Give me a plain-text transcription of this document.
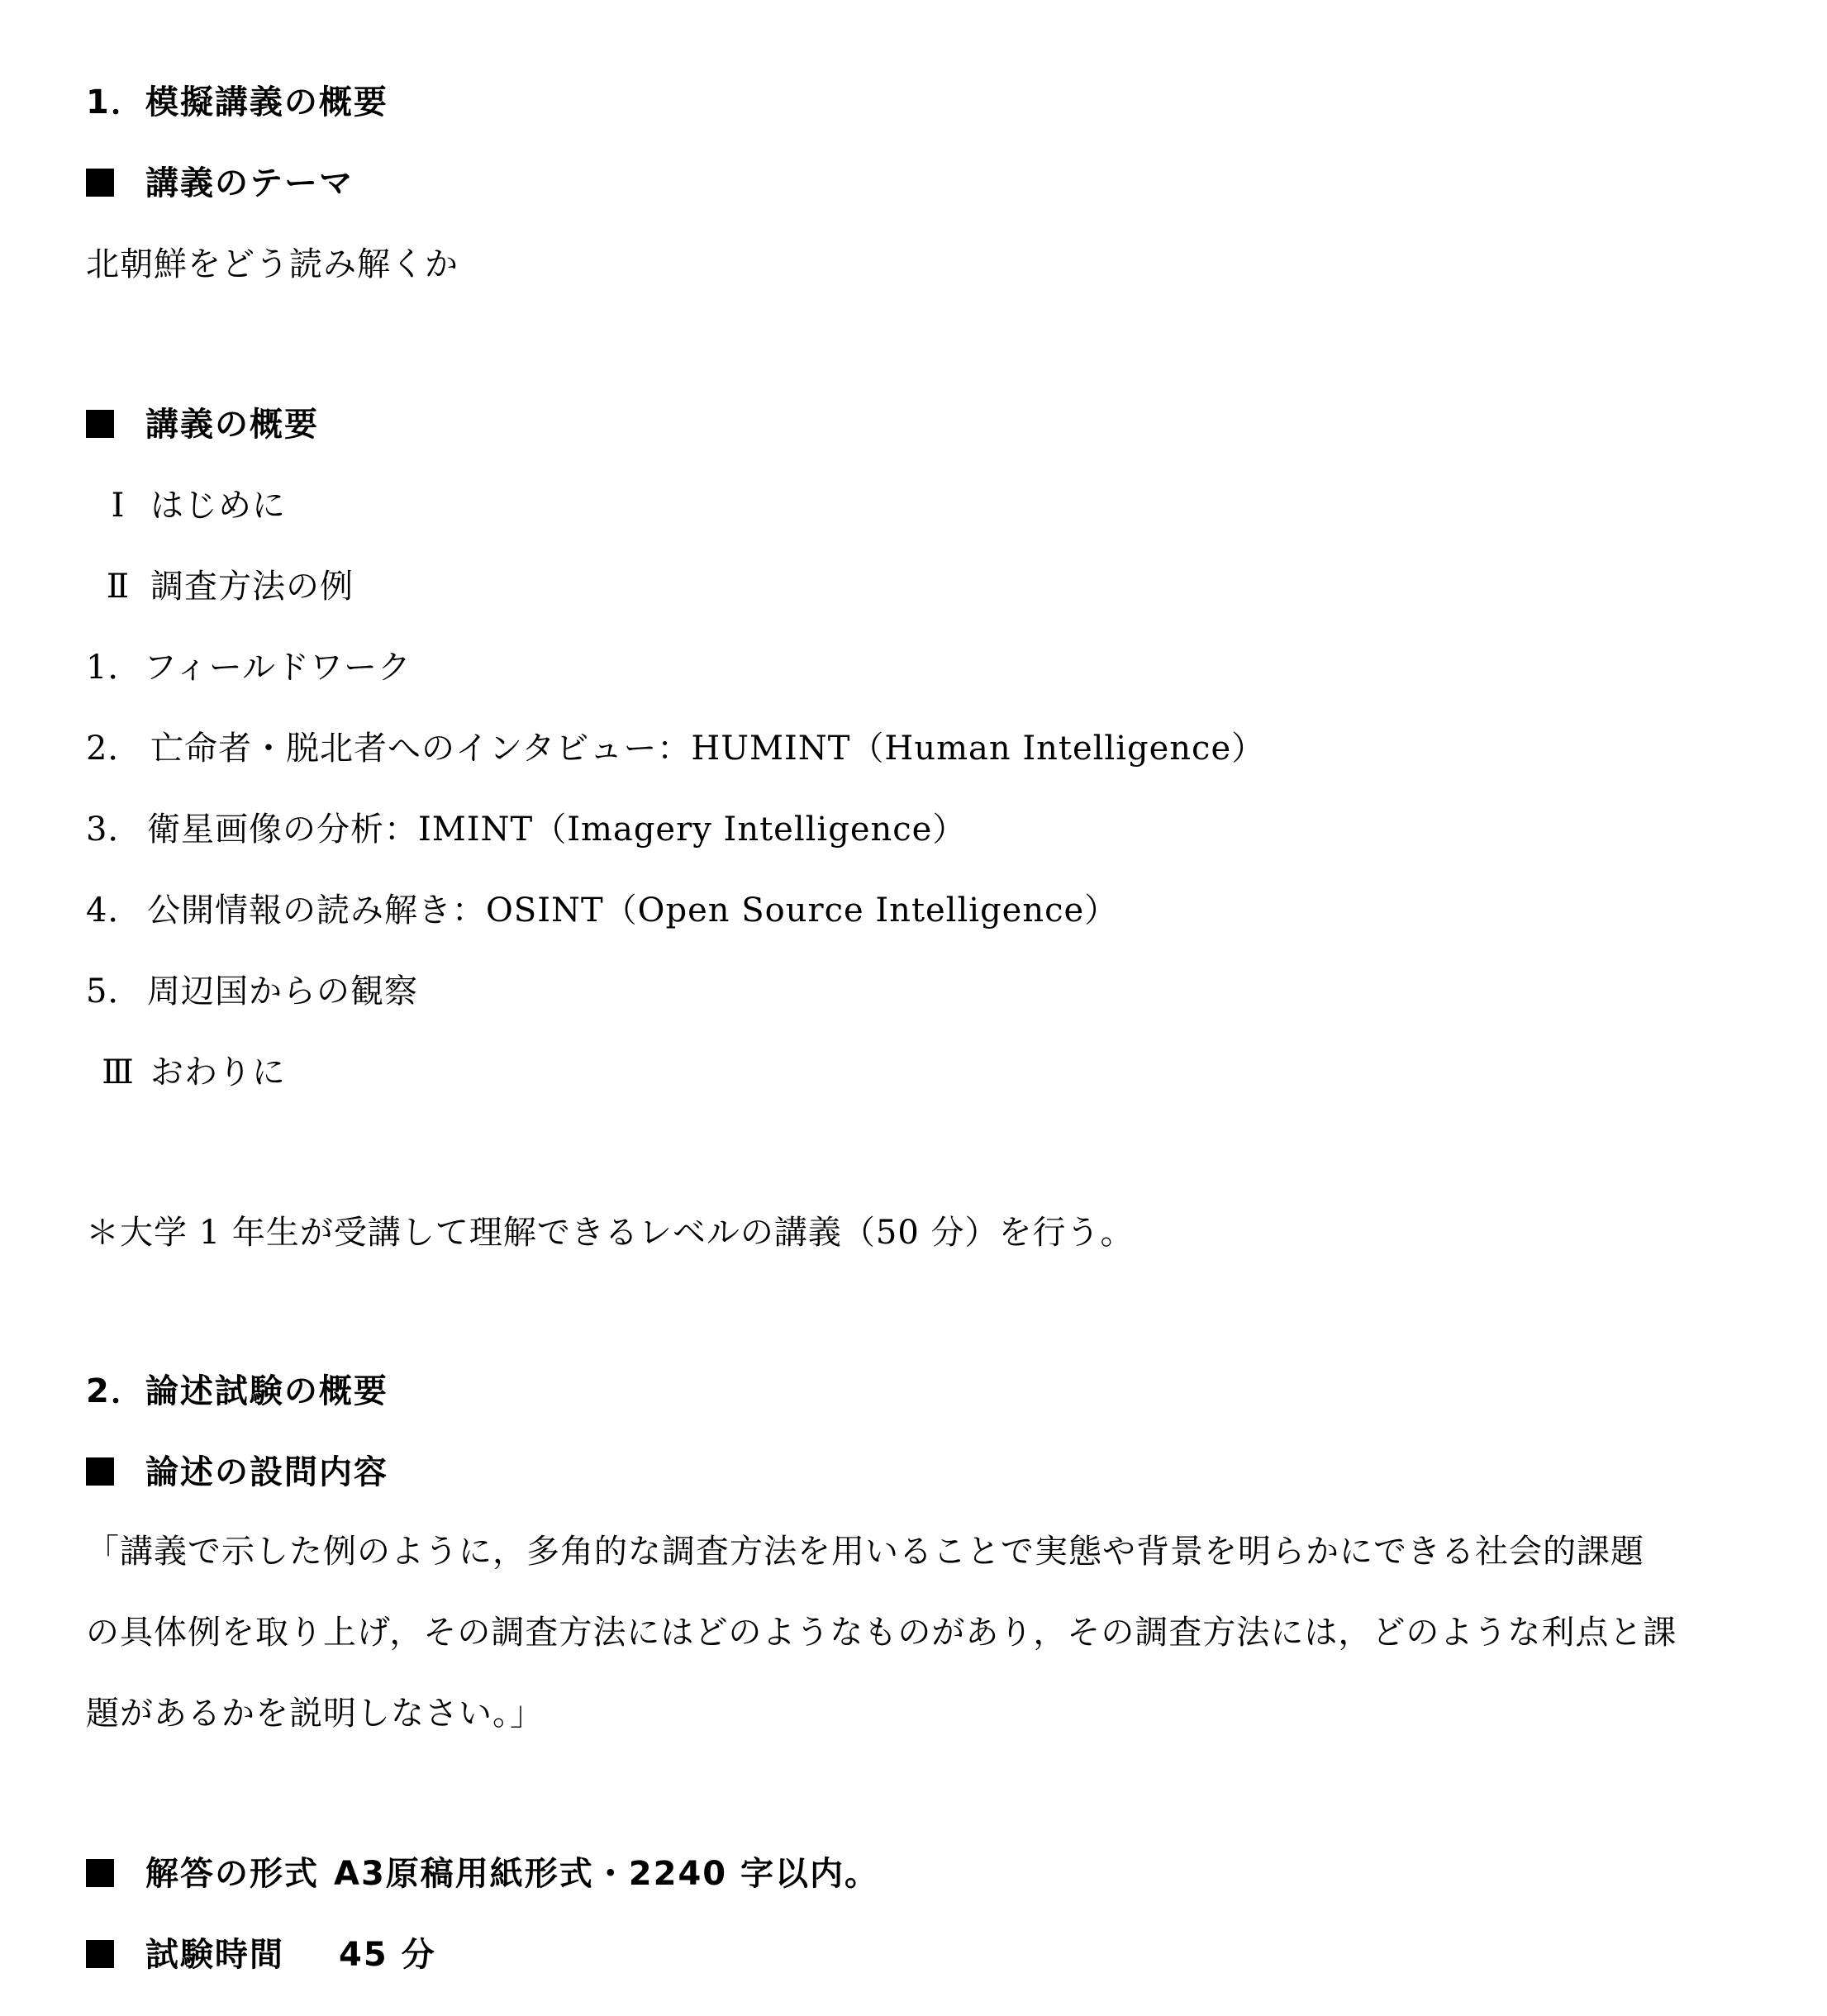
1．模擬講義の概要
講義のテーマ
北朝鮮をどう読み解くか
講義の概要
Ⅰ はじめに
Ⅱ 調査方法の例
1．フィールドワーク
2． 亡命者・脱北者へのインタビュー：HUMINT（Human Intelligence）
3． 衛星画像の分析：IMINT（Imagery Intelligence）
4． 公開情報の読み解き：OSINT（Open Source Intelligence）
5． 周辺国からの観察
Ⅲ おわりに
＊大学 1 年生が受講して理解できるレベルの講義（50 分）を行う。
2．論述試験の概要
論述の設問内容
「講義で示した例のように，多角的な調査方法を用いることで実態や背景を明らかにできる社会的課題
の具体例を取り上げ，その調査方法にはどのようなものがあり，その調査方法には，どのような利点と課
題があるかを説明しなさい。」
解答の形式 A3原稿用紙形式・2240 字以内。
試験時間 45 分
